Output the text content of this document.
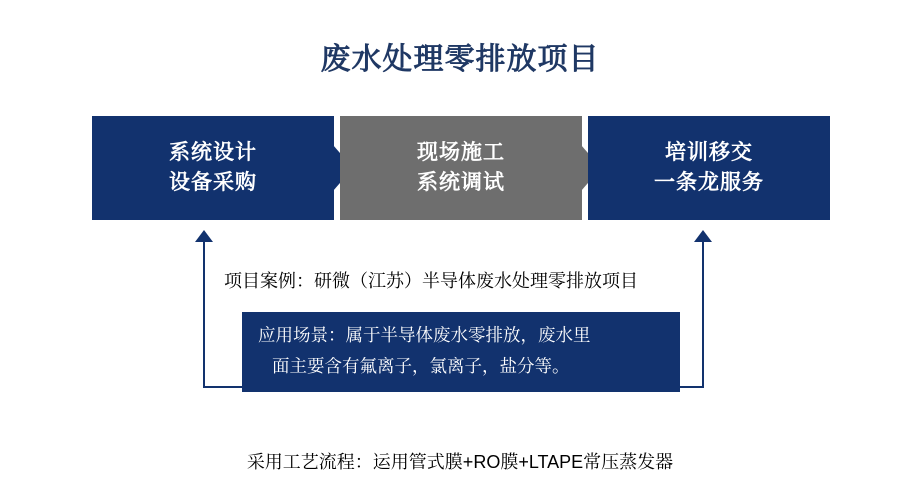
废水处理零排放项目
系统设计
设备采购
现场施工
系统调试
培训移交
一条龙服务
项目案例：研微（江苏）半导体废水处理零排放项目
应用场景：属于半导体废水零排放，废水里
面主要含有氟离子，氯离子，盐分等。
采用工艺流程：运用管式膜+RO膜+LTAPE常压蒸发器
